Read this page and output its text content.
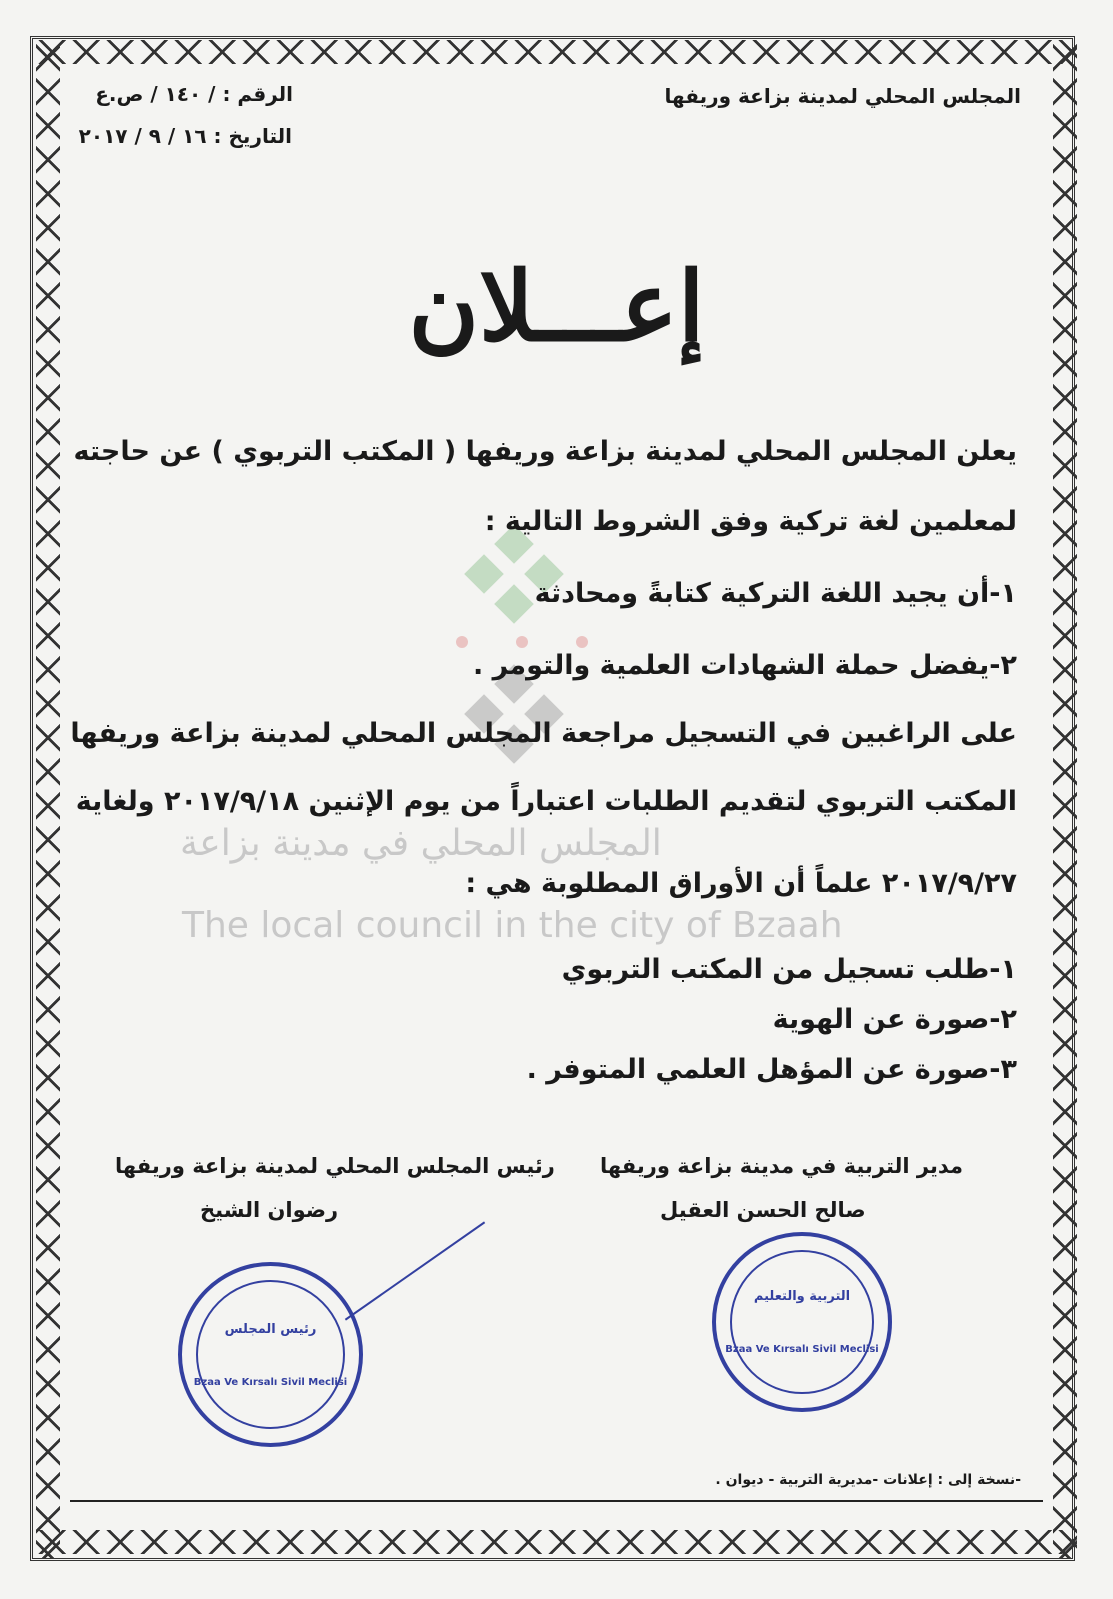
المجلس المحلي لمدينة بزاعة وريفها
الرقم : / ١٤٠ / ص.ع
التاريخ : ١٦ / ٩ / ٢٠١٧
إعـــلان
يعلن المجلس المحلي لمدينة بزاعة وريفها ( المكتب التربوي ) عن حاجته
لمعلمين لغة تركية وفق الشروط التالية :
١-أن يجيد اللغة التركية كتابةً ومحادثة
٢-يفضل حملة الشهادات العلمية والتومر .
على الراغبين في التسجيل مراجعة المجلس المحلي لمدينة بزاعة وريفها
المكتب التربوي لتقديم الطلبات اعتباراً من يوم الإثنين ٢٠١٧/٩/١٨ ولغاية
المجلس المحلي في مدينة بزاعة
٢٠١٧/٩/٢٧ علماً أن الأوراق المطلوبة هي :
The local council in the city of Bzaah
١-طلب تسجيل من المكتب التربوي
٢-صورة عن الهوية
٣-صورة عن المؤهل العلمي المتوفر .
رئيس المجلس المحلي لمدينة بزاعة وريفها
رضوان الشيخ
مدير التربية في مدينة بزاعة وريفها
صالح الحسن العقيل
رئيس المجلس
Bzaa Ve Kırsalı Sivil Meclisi
التربية والتعليم
Bzaa Ve Kırsalı Sivil Meclisi
-نسخة إلى : إعلانات -مديرية التربية - ديوان .
